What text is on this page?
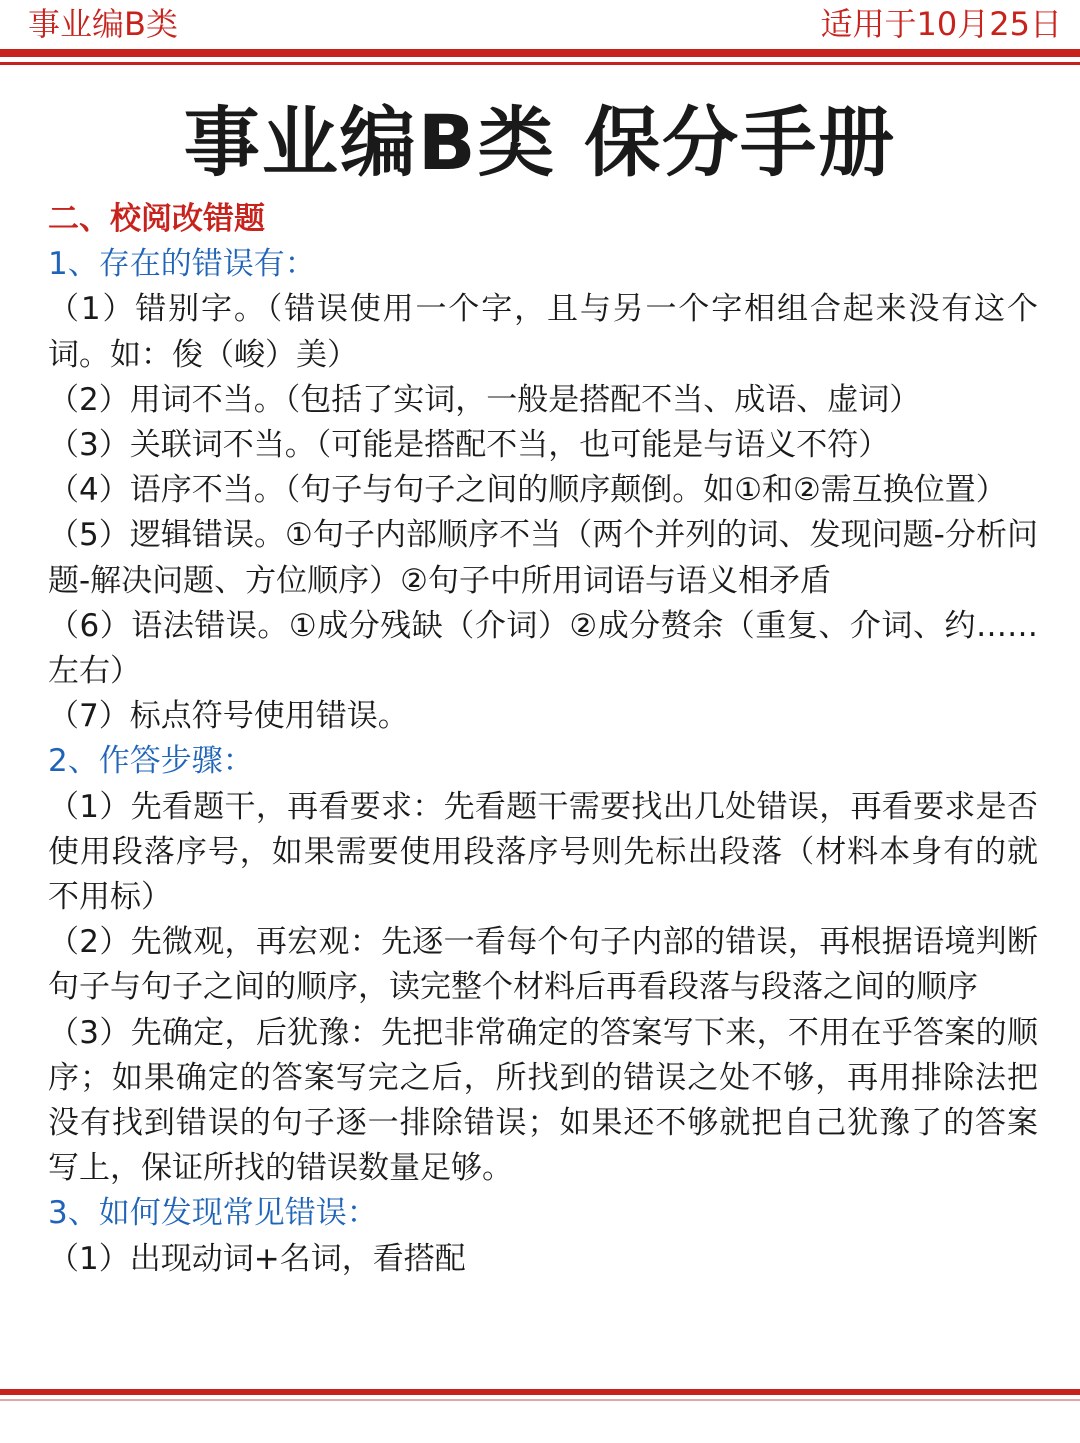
事业编B类	适用于10月25日
事业编B类 保分手册

二、校阅改错题

1、存在的错误有：

（1）错别字。（错误使用一个字，且与另一个字相组合起来没有这个词。如：俊（峻）美）

（2）用词不当。（包括了实词，一般是搭配不当、成语、虚词）

（3）关联词不当。（可能是搭配不当，也可能是与语义不符）

（4）语序不当。（句子与句子之间的顺序颠倒。如①和②需互换位置）

（5）逻辑错误。①句子内部顺序不当（两个并列的词、发现问题-分析问题-解决问题、方位顺序）②句子中所用词语与语义相矛盾

（6）语法错误。①成分残缺（介词）②成分赘余（重复、介词、约……左右）

（7）标点符号使用错误。

2、作答步骤：

（1）先看题干，再看要求：先看题干需要找出几处错误，再看要求是否使用段落序号，如果需要使用段落序号则先标出段落（材料本身有的就不用标）

（2）先微观，再宏观：先逐一看每个句子内部的错误，再根据语境判断句子与句子之间的顺序，读完整个材料后再看段落与段落之间的顺序

（3）先确定，后犹豫：先把非常确定的答案写下来，不用在乎答案的顺序；如果确定的答案写完之后，所找到的错误之处不够，再用排除法把没有找到错误的句子逐一排除错误；如果还不够就把自己犹豫了的答案写上，保证所找的错误数量足够。

3、如何发现常见错误：

（1）出现动词+名词，看搭配
